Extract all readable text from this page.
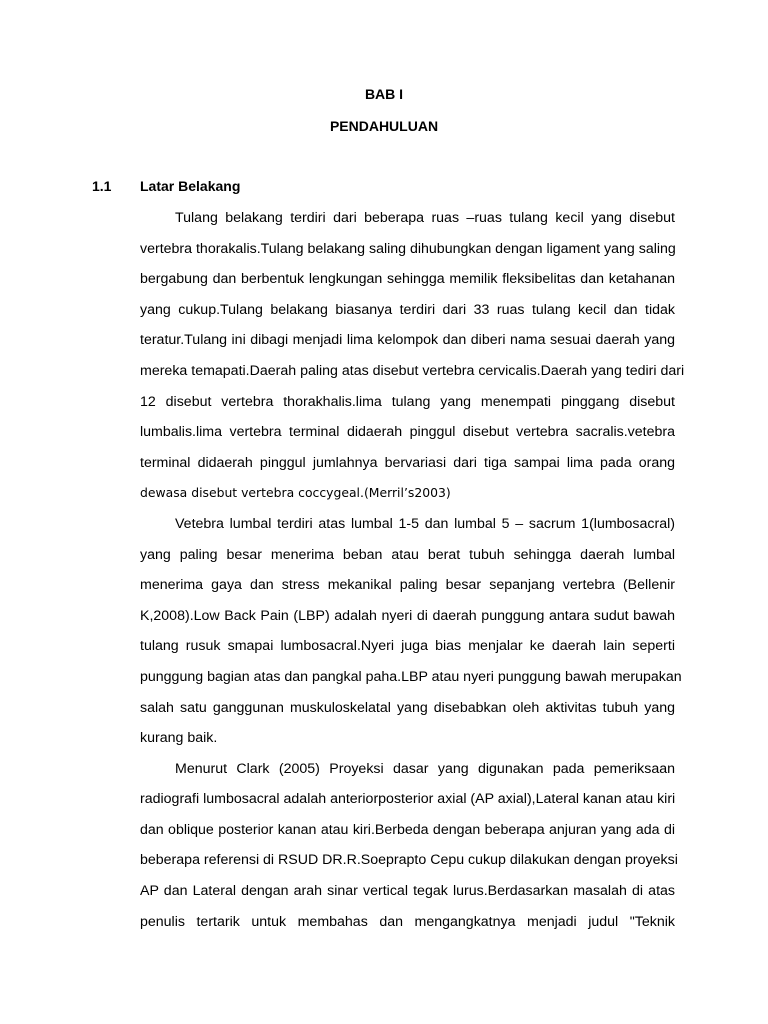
BAB I
PENDAHULUAN
1.1 Latar Belakang
Tulang belakang terdiri dari beberapa ruas –ruas tulang kecil yang disebut
vertebra thorakalis.Tulang belakang saling dihubungkan dengan ligament yang saling
bergabung dan berbentuk lengkungan sehingga memilik fleksibelitas dan ketahanan
yang cukup.Tulang belakang biasanya terdiri dari 33 ruas tulang kecil dan tidak
teratur.Tulang ini dibagi menjadi lima kelompok dan diberi nama sesuai daerah yang
mereka temapati.Daerah paling atas disebut vertebra cervicalis.Daerah yang tediri dari
12 disebut vertebra thorakhalis.lima tulang yang menempati pinggang disebut
lumbalis.lima vertebra terminal didaerah pinggul disebut vertebra sacralis.vetebra
terminal didaerah pinggul jumlahnya bervariasi dari tiga sampai lima pada orang
dewasa disebut vertebra coccygeal.(Merril’s2003)
Vetebra lumbal terdiri atas lumbal 1-5 dan lumbal 5 – sacrum 1(lumbosacral)
yang paling besar menerima beban atau berat tubuh sehingga daerah lumbal
menerima gaya dan stress mekanikal paling besar sepanjang vertebra (Bellenir
K,2008).Low Back Pain (LBP) adalah nyeri di daerah punggung antara sudut bawah
tulang rusuk smapai lumbosacral.Nyeri juga bias menjalar ke daerah lain seperti
punggung bagian atas dan pangkal paha.LBP atau nyeri punggung bawah merupakan
salah satu ganggunan muskuloskelatal yang disebabkan oleh aktivitas tubuh yang
kurang baik.
Menurut Clark (2005) Proyeksi dasar yang digunakan pada pemeriksaan
radiografi lumbosacral adalah anteriorposterior axial (AP axial),Lateral kanan atau kiri
dan oblique posterior kanan atau kiri.Berbeda dengan beberapa anjuran yang ada di
beberapa referensi di RSUD DR.R.Soeprapto Cepu cukup dilakukan dengan proyeksi
AP dan Lateral dengan arah sinar vertical tegak lurus.Berdasarkan masalah di atas
penulis tertarik untuk membahas dan mengangkatnya menjadi judul "Teknik
